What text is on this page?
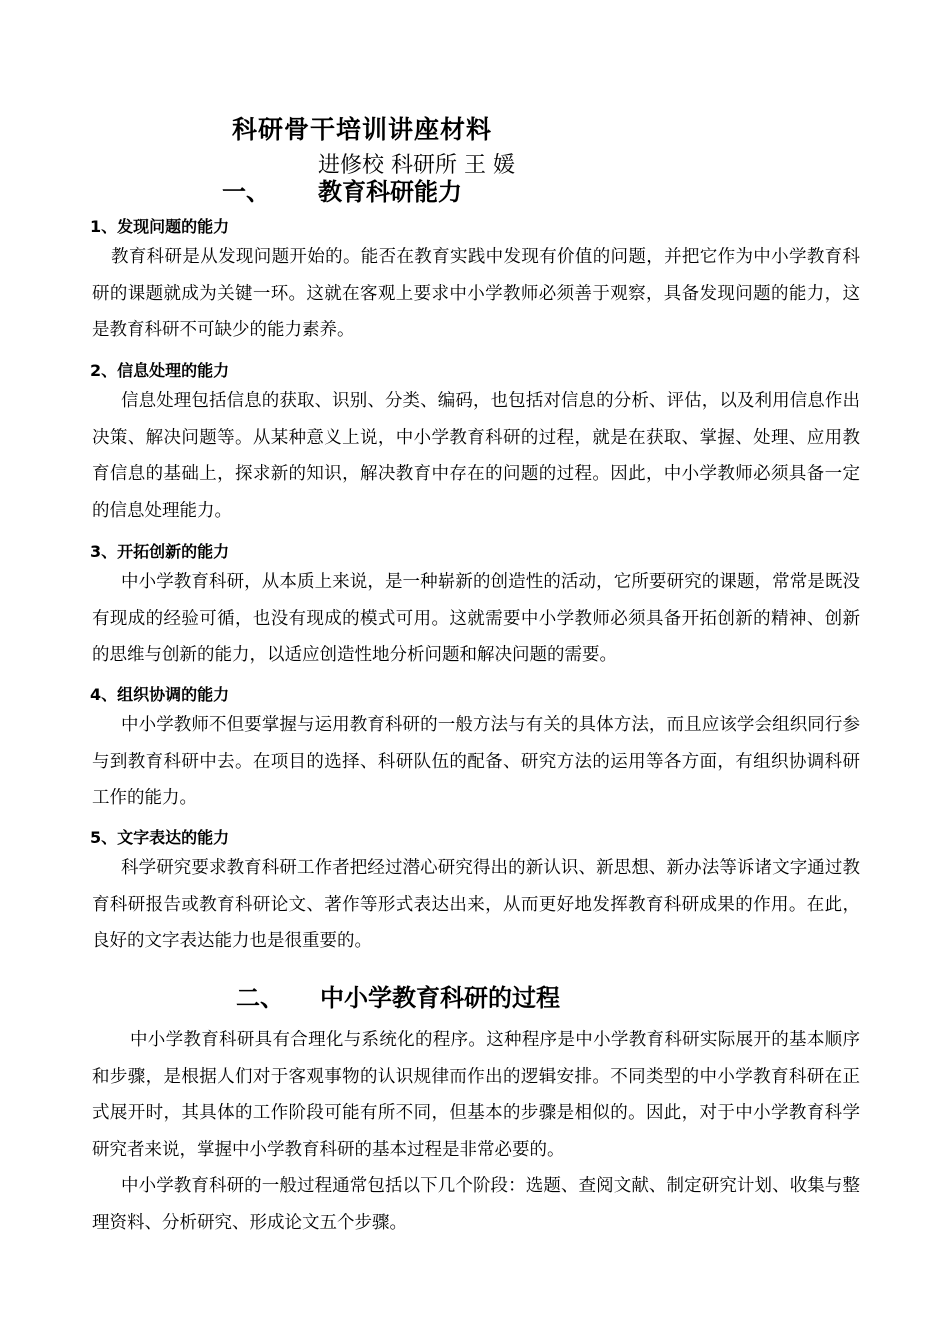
科研骨干培训讲座材料
进修校 科研所 王 媛
一、 教育科研能力
1、发现问题的能力
教育科研是从发现问题开始的。能否在教育实践中发现有价值的问题，并把它作为中小学教育科研的课题就成为关键一环。这就在客观上要求中小学教师必须善于观察，具备发现问题的能力，这是教育科研不可缺少的能力素养。
2、信息处理的能力
信息处理包括信息的获取、识别、分类、编码，也包括对信息的分析、评估，以及利用信息作出决策、解决问题等。从某种意义上说，中小学教育科研的过程，就是在获取、掌握、处理、应用教育信息的基础上，探求新的知识，解决教育中存在的问题的过程。因此，中小学教师必须具备一定的信息处理能力。
3、开拓创新的能力
中小学教育科研，从本质上来说，是一种崭新的创造性的活动，它所要研究的课题，常常是既没有现成的经验可循，也没有现成的模式可用。这就需要中小学教师必须具备开拓创新的精神、创新的思维与创新的能力，以适应创造性地分析问题和解决问题的需要。
4、组织协调的能力
中小学教师不但要掌握与运用教育科研的一般方法与有关的具体方法，而且应该学会组织同行参与到教育科研中去。在项目的选择、科研队伍的配备、研究方法的运用等各方面，有组织协调科研工作的能力。
5、文字表达的能力
科学研究要求教育科研工作者把经过潜心研究得出的新认识、新思想、新办法等诉诸文字通过教育科研报告或教育科研论文、著作等形式表达出来，从而更好地发挥教育科研成果的作用。在此，良好的文字表达能力也是很重要的。
二、 中小学教育科研的过程
中小学教育科研具有合理化与系统化的程序。这种程序是中小学教育科研实际展开的基本顺序和步骤，是根据人们对于客观事物的认识规律而作出的逻辑安排。不同类型的中小学教育科研在正式展开时，其具体的工作阶段可能有所不同，但基本的步骤是相似的。因此，对于中小学教育科学研究者来说，掌握中小学教育科研的基本过程是非常必要的。
中小学教育科研的一般过程通常包括以下几个阶段：选题、查阅文献、制定研究计划、收集与整理资料、分析研究、形成论文五个步骤。
